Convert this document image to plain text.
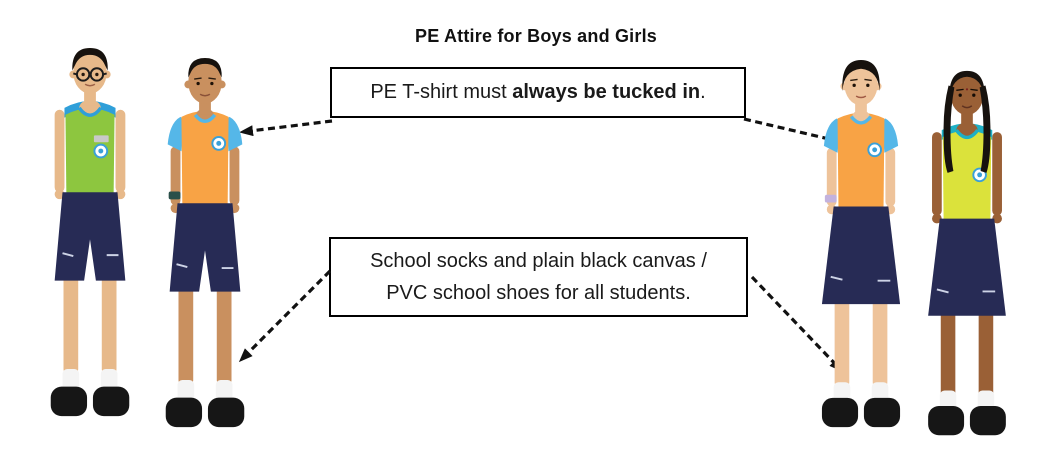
PE Attire for Boys and Girls
PE T-shirt must always be tucked in.
School socks and plain black canvas /
PVC school shoes for all students.
